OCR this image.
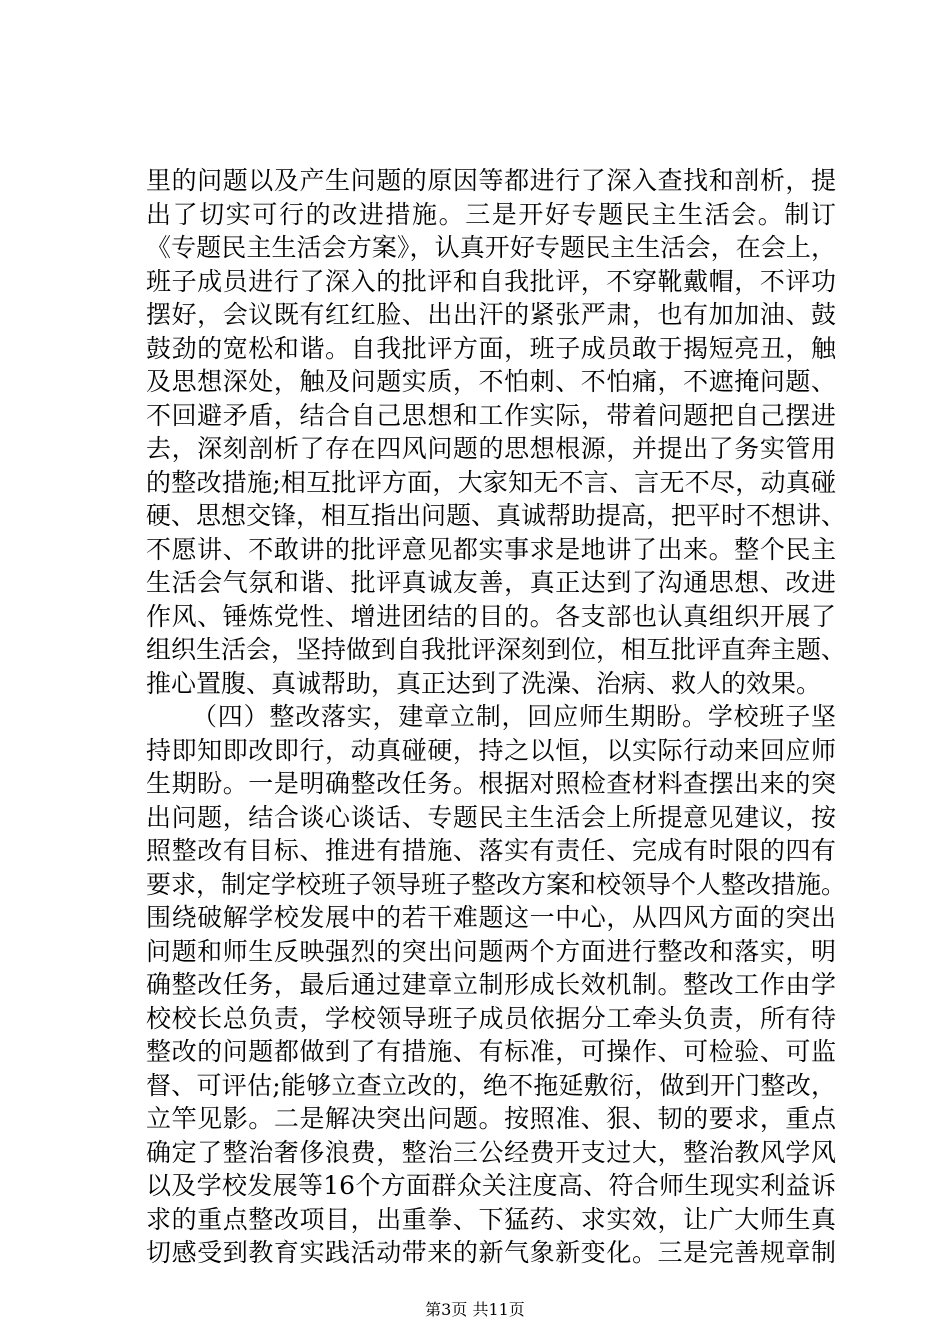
里的问题以及产生问题的原因等都进行了深入查找和剖析，提
出了切实可行的改进措施。三是开好专题民主生活会。制订
《专题民主生活会方案》，认真开好专题民主生活会，在会上，
班子成员进行了深入的批评和自我批评，不穿靴戴帽，不评功
摆好，会议既有红红脸、出出汗的紧张严肃，也有加加油、鼓
鼓劲的宽松和谐。自我批评方面，班子成员敢于揭短亮丑，触
及思想深处，触及问题实质，不怕刺、不怕痛，不遮掩问题、
不回避矛盾，结合自己思想和工作实际，带着问题把自己摆进
去，深刻剖析了存在四风问题的思想根源，并提出了务实管用
的整改措施;相互批评方面，大家知无不言、言无不尽，动真碰
硬、思想交锋，相互指出问题、真诚帮助提高，把平时不想讲、
不愿讲、不敢讲的批评意见都实事求是地讲了出来。整个民主
生活会气氛和谐、批评真诚友善，真正达到了沟通思想、改进
作风、锤炼党性、增进团结的目的。各支部也认真组织开展了
组织生活会，坚持做到自我批评深刻到位，相互批评直奔主题、
推心置腹、真诚帮助，真正达到了洗澡、治病、救人的效果。
（四）整改落实，建章立制，回应师生期盼。学校班子坚
持即知即改即行，动真碰硬，持之以恒，以实际行动来回应师
生期盼。一是明确整改任务。根据对照检查材料查摆出来的突
出问题，结合谈心谈话、专题民主生活会上所提意见建议，按
照整改有目标、推进有措施、落实有责任、完成有时限的四有
要求，制定学校班子领导班子整改方案和校领导个人整改措施。
围绕破解学校发展中的若干难题这一中心，从四风方面的突出
问题和师生反映强烈的突出问题两个方面进行整改和落实，明
确整改任务，最后通过建章立制形成长效机制。整改工作由学
校校长总负责，学校领导班子成员依据分工牵头负责，所有待
整改的问题都做到了有措施、有标准，可操作、可检验、可监
督、可评估;能够立查立改的，绝不拖延敷衍，做到开门整改，
立竿见影。二是解决突出问题。按照准、狠、韧的要求，重点
确定了整治奢侈浪费，整治三公经费开支过大，整治教风学风
以及学校发展等16个方面群众关注度高、符合师生现实利益诉
求的重点整改项目，出重拳、下猛药、求实效，让广大师生真
切感受到教育实践活动带来的新气象新变化。三是完善规章制
第3页 共11页
